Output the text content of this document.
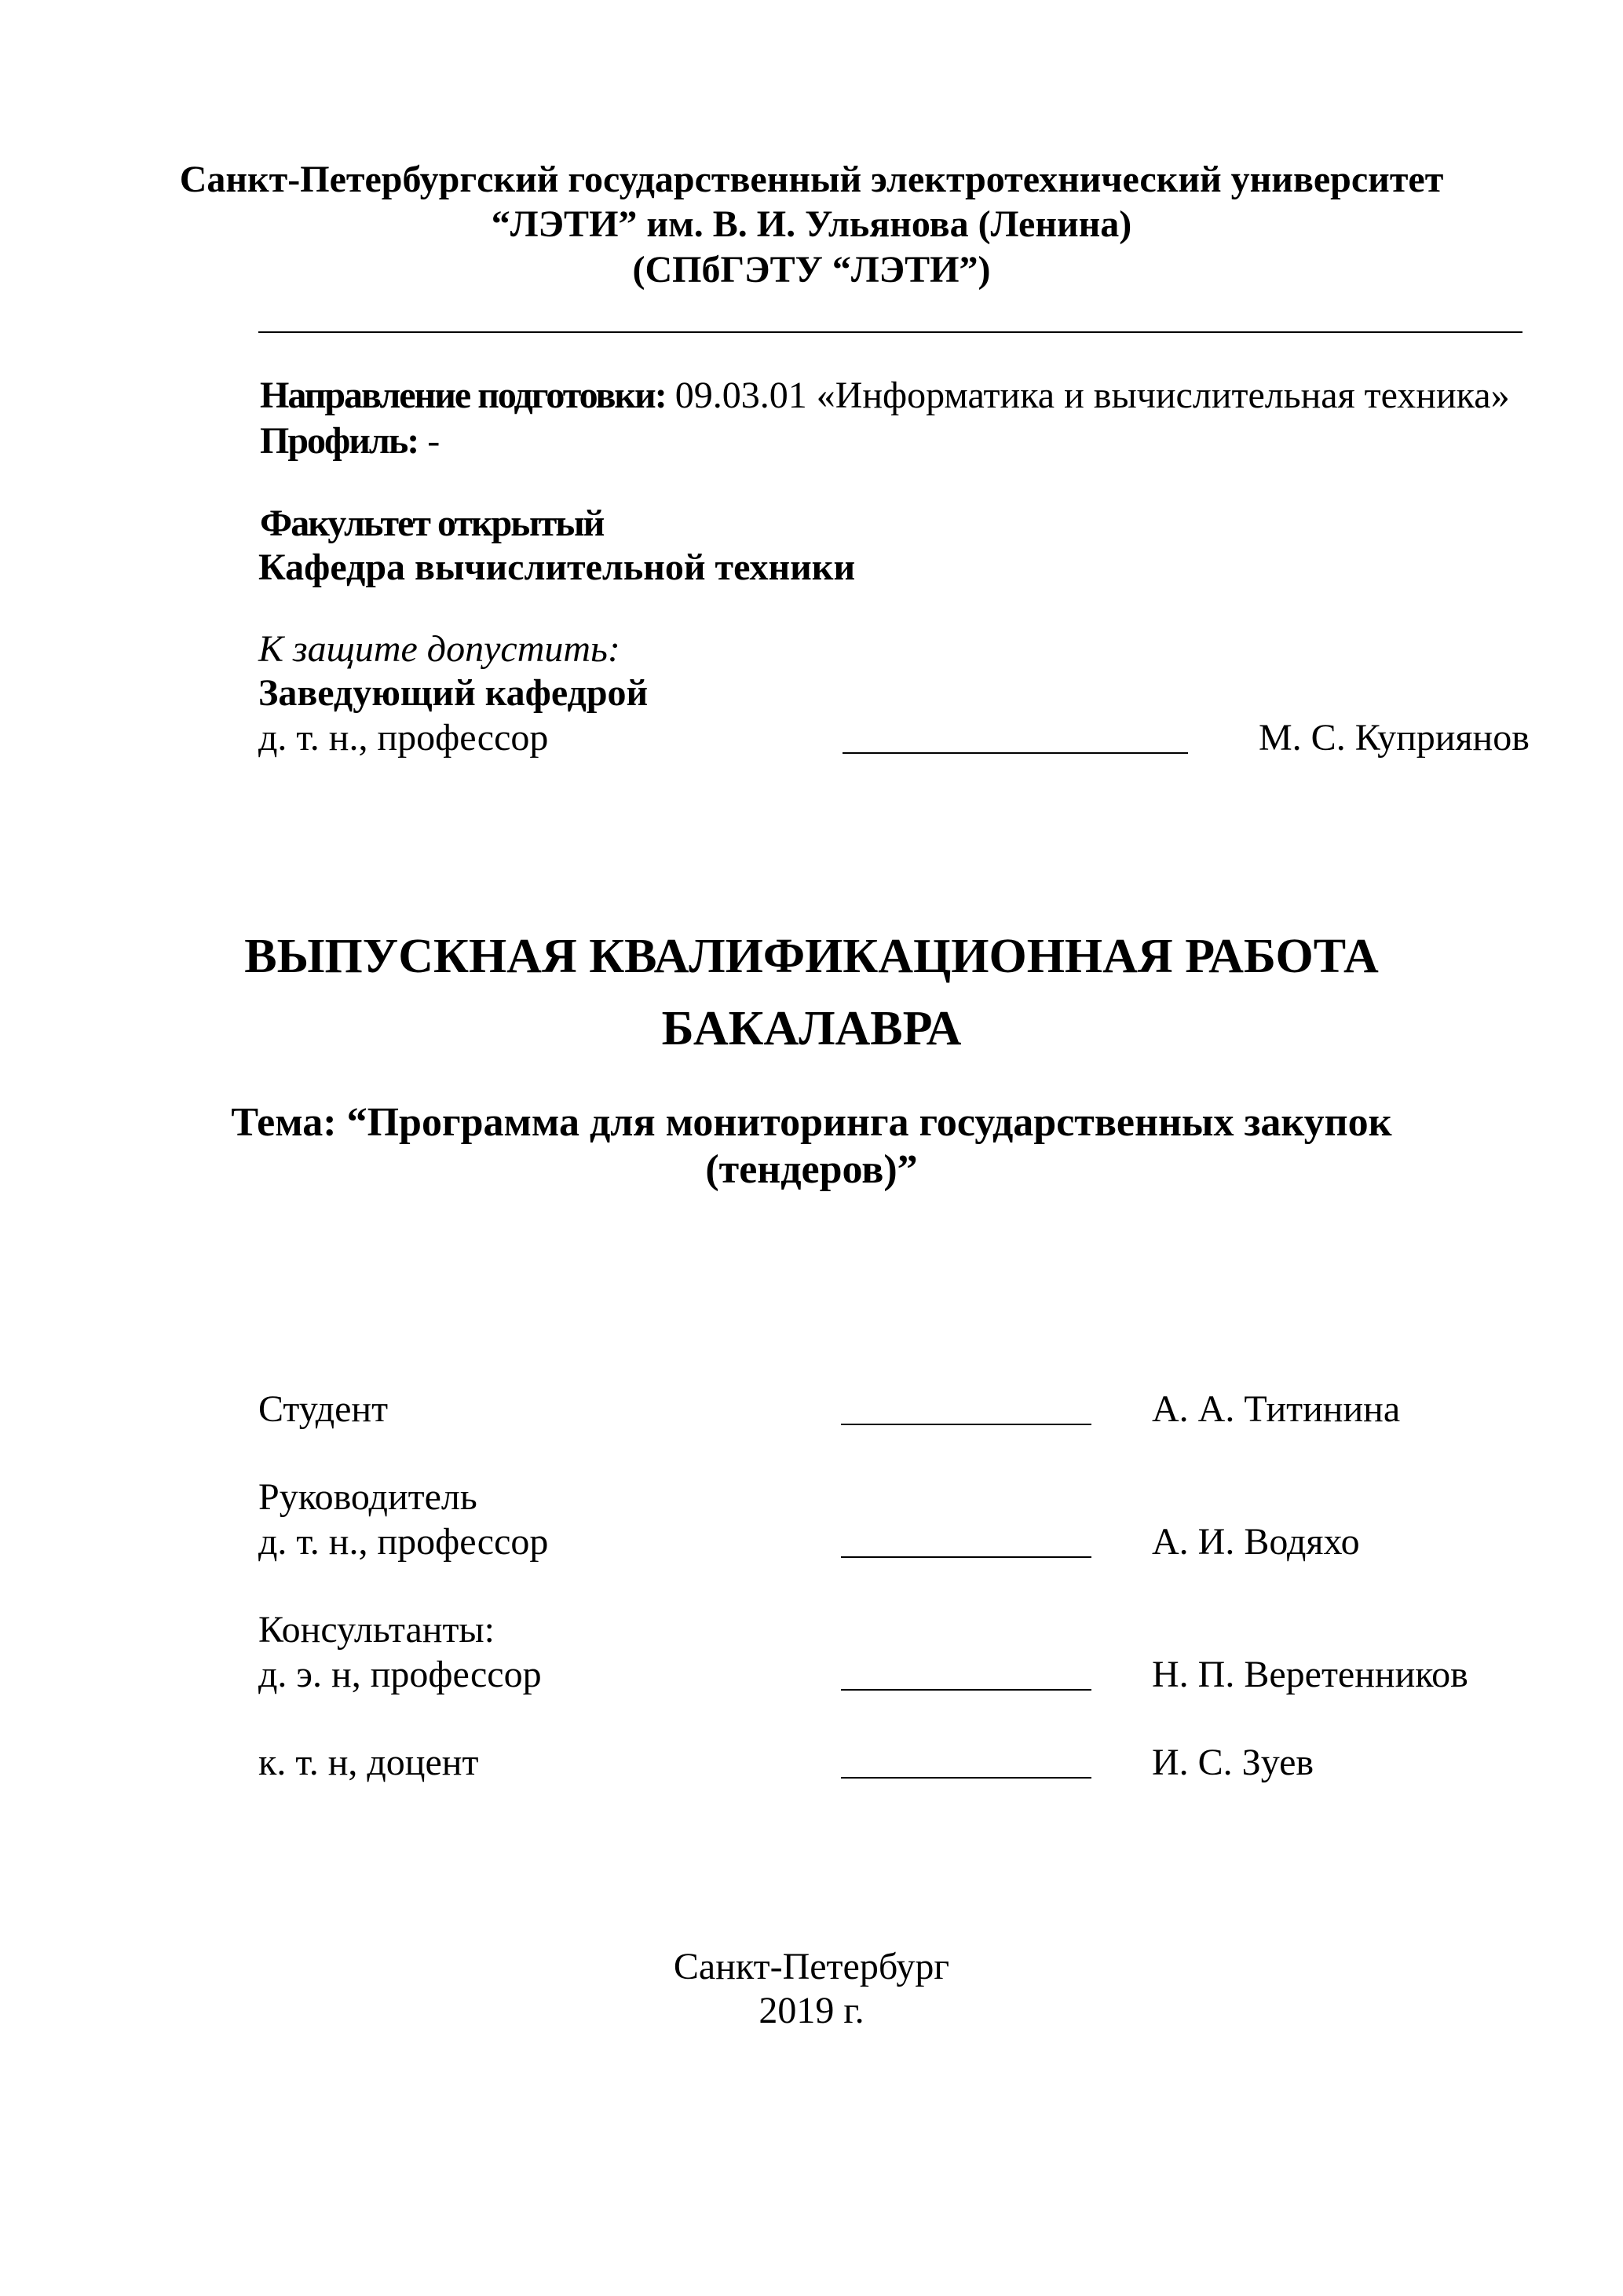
Санкт-Петербургский государственный электротехнический университет
“ЛЭТИ” им. В. И. Ульянова (Ленина)
(СПбГЭТУ “ЛЭТИ”)
Направление подготовки: 09.03.01 «Информатика и вычислительная техника»
Профиль: -
Факультет открытый
Кафедра вычислительной техники
К защите допустить:
Заведующий кафедрой
д. т. н., профессор	М. С. Куприянов
ВЫПУСКНАЯ КВАЛИФИКАЦИОННАЯ РАБОТА
БАКАЛАВРА
Тема: “Программа для мониторинга государственных закупок
(тендеров)”
Студент	А. А. Титинина
Руководитель
д. т. н., профессор	А. И. Водяхо
Консультанты:
д. э. н, профессор	Н. П. Веретенников
к. т. н, доцент	И. С. Зуев
Санкт-Петербург
2019 г.
